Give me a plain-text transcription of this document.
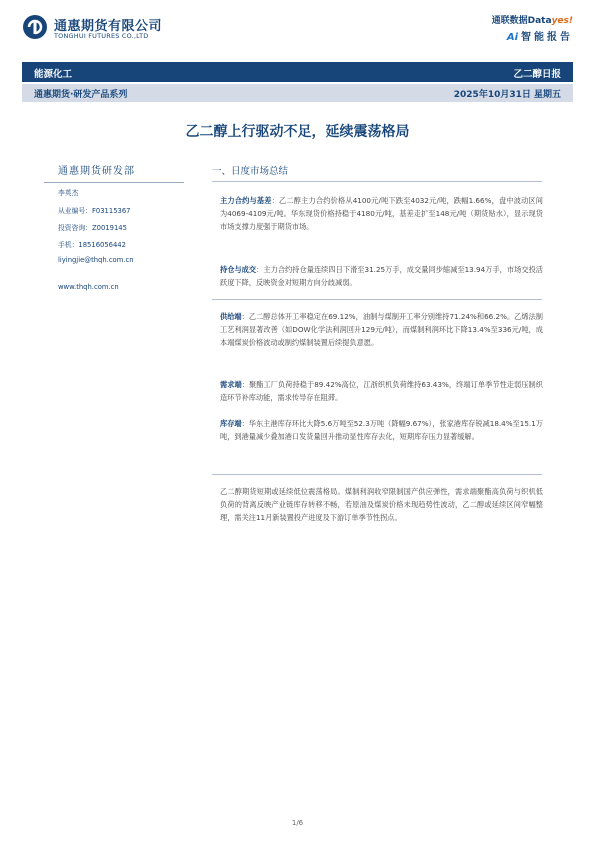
通惠期货有限公司
TONGHUI FUTURES CO.,LTD
通联数据Datayes!
Ai 智能报告
能源化工	乙二醇日报
通惠期货·研发产品系列	2025年10月31日 星期五
乙二醇上行驱动不足，延续震荡格局
通惠期货研发部
李英杰
从业编号：F03115367
投资咨询：Z0019145
手机：18516056442
liyingjie@thqh.com.cn
www.thqh.com.cn
一、日度市场总结
主力合约与基差：乙二醇主力合约价格从4100元/吨下跌至4032元/吨，跌幅1.66%，盘中波动区间为4069-4109元/吨。华东现货价格持稳于4180元/吨，基差走扩至148元/吨（期货贴水），显示现货市场支撑力度强于期货市场。
持仓与成交：主力合约持仓量连续四日下滑至31.25万手，成交量同步缩减至13.94万手，市场交投活跃度下降，反映资金对短期方向分歧减弱。
供给端：乙二醇总体开工率稳定在69.12%，油制与煤制开工率分别维持71.24%和66.2%。乙烯法制工艺利润显著改善（如DOW化学法利润回升129元/吨），而煤制利润环比下降13.4%至336元/吨，成本端煤炭价格波动或制约煤制装置后续提负意愿。
需求端：聚酯工厂负荷持稳于89.42%高位，江浙织机负荷维持63.43%，终端订单季节性走弱压制织造环节补库动能，需求传导存在阻滞。
库存端：华东主港库存环比大降5.6万吨至52.3万吨（降幅9.67%），张家港库存锐减18.4%至15.1万吨，到港量减少叠加港口发货量回升推动显性库存去化，短期库存压力显著缓解。
乙二醇期货短期或延续低位震荡格局。煤制利润收窄限制国产供应弹性，需求端聚酯高负荷与织机低负荷的背离反映产业链库存转移不畅，若原油及煤炭价格未现趋势性波动，乙二醇或延续区间窄幅整理，需关注11月新装置投产进度及下游订单季节性拐点。
1/6
